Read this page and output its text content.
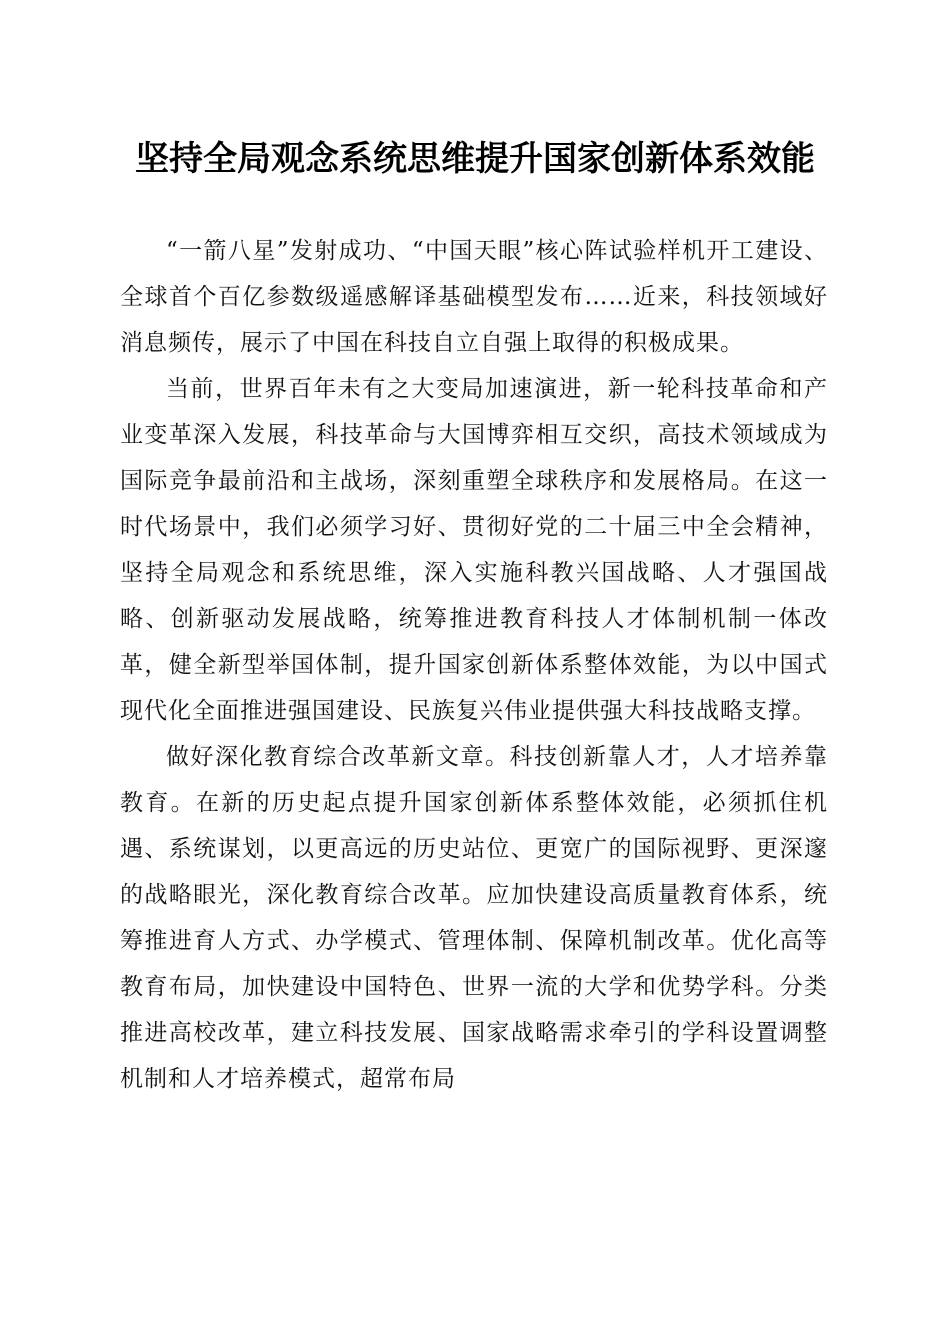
坚持全局观念系统思维提升国家创新体系效能

“一箭八星”发射成功、“中国天眼”核心阵试验样机开工建设、全球首个百亿参数级遥感解译基础模型发布……近来，科技领域好消息频传，展示了中国在科技自立自强上取得的积极成果。

当前，世界百年未有之大变局加速演进，新一轮科技革命和产业变革深入发展，科技革命与大国博弈相互交织，高技术领域成为国际竞争最前沿和主战场，深刻重塑全球秩序和发展格局。在这一时代场景中，我们必须学习好、贯彻好党的二十届三中全会精神，坚持全局观念和系统思维，深入实施科教兴国战略、人才强国战略、创新驱动发展战略，统筹推进教育科技人才体制机制一体改革，健全新型举国体制，提升国家创新体系整体效能，为以中国式现代化全面推进强国建设、民族复兴伟业提供强大科技战略支撑。

做好深化教育综合改革新文章。科技创新靠人才，人才培养靠教育。在新的历史起点提升国家创新体系整体效能，必须抓住机遇、系统谋划，以更高远的历史站位、更宽广的国际视野、更深邃的战略眼光，深化教育综合改革。应加快建设高质量教育体系，统筹推进育人方式、办学模式、管理体制、保障机制改革。优化高等教育布局，加快建设中国特色、世界一流的大学和优势学科。分类推进高校改革，建立科技发展、国家战略需求牵引的学科设置调整机制和人才培养模式，超常布局
